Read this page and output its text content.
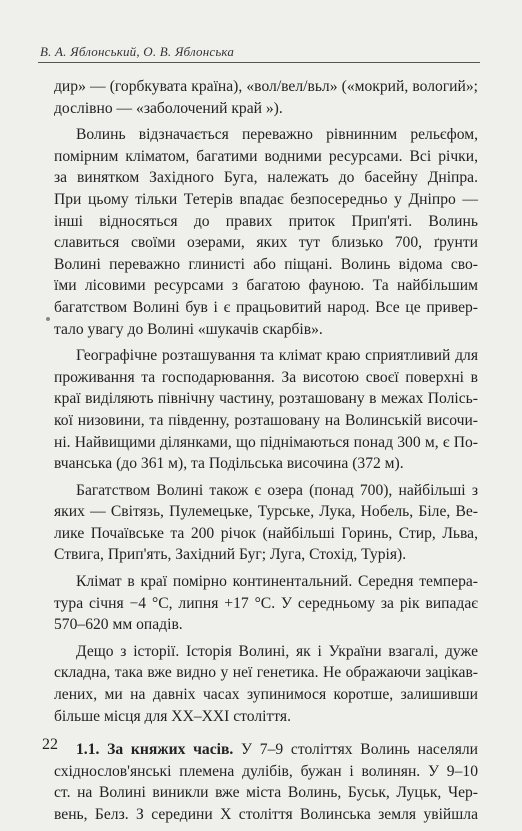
В. А. Яблонський, О. В. Яблонська

дир» — (горбкувата країна), «вол/вел/вьл» («мокрий, вологий»;
дослівно — «заболочений край »).

Волинь відзначається переважно рівнинним рельєфом,
помірним кліматом, багатими водними ресурсами. Всі річки,
за винятком Західного Буга, належать до басейну Дніпра.
При цьому тільки Тетерів впадає безпосередньо у Дніпро —
інші відносяться до правих приток Прип'яті. Волинь
славиться своїми озерами, яких тут близько 700, ґрунти
Волині переважно глинисті або піщані. Волинь відома сво-
їми лісовими ресурсами з багатою фауною. Та найбільшим
багатством Волині був і є працьовитий народ. Все це привер-
тало увагу до Волині «шукачів скарбів».

Географічне розташування та клімат краю сприятливий для
проживання та господарювання. За висотою своєї поверхні в
краї виділяють північну частину, розташовану в межах Полісь-
кої низовини, та південну, розташовану на Волинській височи-
ні. Найвищими ділянками, що піднімаються понад 300 м, є По-
вчанська (до 361 м), та Подільська височина (372 м).

Багатством Волині також є озера (понад 700), найбільші з
яких — Світязь, Пулемецьке, Турське, Лука, Нобель, Біле, Ве-
лике Почаївське та 200 річок (найбільші Горинь, Стир, Льва,
Ствига, Прип'ять, Західний Буг; Луга, Стохід, Турія).

Клімат в краї помірно континентальний. Середня темпера-
тура січня −4 °С, липня +17 °С. У середньому за рік випадає
570–620 мм опадів.

Дещо з історії. Історія Волині, як і України взагалі, дуже
складна, така вже видно у неї генетика. Не ображаючи зацікав-
лених, ми на давніх часах зупинимося коротше, залишивши
більше місця для XX–XXI століття.

1.1. За княжих часів. У 7–9 століттях Волинь населяли
східнослов'янські племена дулібів, бужан і волинян. У 9–10
ст. на Волині виникли вже міста Волинь, Буськ, Луцьк, Чер-
вень, Белз. З середини X століття Волинська земля увійшла

22
